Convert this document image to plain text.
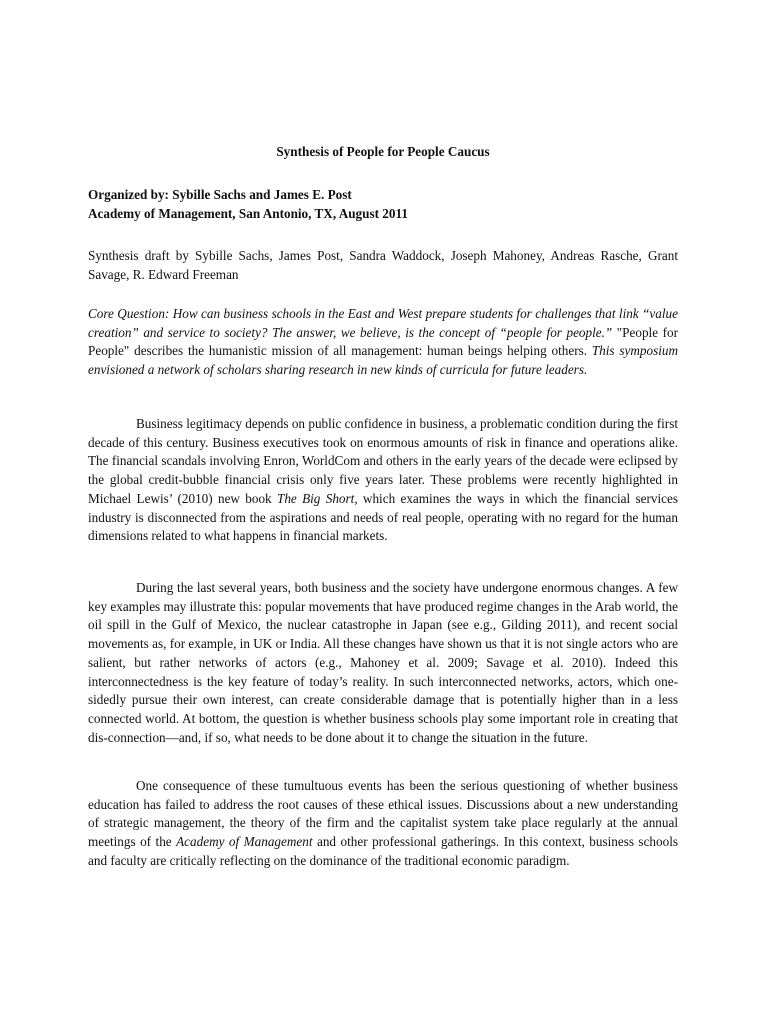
Synthesis of People for People Caucus
Organized by: Sybille Sachs and James E. Post
Academy of Management, San Antonio, TX, August 2011
Synthesis draft by Sybille Sachs, James Post, Sandra Waddock, Joseph Mahoney, Andreas Rasche, Grant Savage, R. Edward Freeman
Core Question: How can business schools in the East and West prepare students for challenges that link “value creation” and service to society? The answer, we believe, is the concept of “people for people.” "People for People" describes the humanistic mission of all management: human beings helping others. This symposium envisioned a network of scholars sharing research in new kinds of curricula for future leaders.
Business legitimacy depends on public confidence in business, a problematic condition during the first decade of this century. Business executives took on enormous amounts of risk in finance and operations alike. The financial scandals involving Enron, WorldCom and others in the early years of the decade were eclipsed by the global credit-bubble financial crisis only five years later. These problems were recently highlighted in Michael Lewis’ (2010) new book The Big Short, which examines the ways in which the financial services industry is disconnected from the aspirations and needs of real people, operating with no regard for the human dimensions related to what happens in financial markets.
During the last several years, both business and the society have undergone enormous changes. A few key examples may illustrate this: popular movements that have produced regime changes in the Arab world, the oil spill in the Gulf of Mexico, the nuclear catastrophe in Japan (see e.g., Gilding 2011), and recent social movements as, for example, in UK or India. All these changes have shown us that it is not single actors who are salient, but rather networks of actors (e.g., Mahoney et al. 2009; Savage et al. 2010). Indeed this interconnectedness is the key feature of today’s reality. In such interconnected networks, actors, which one-sidedly pursue their own interest, can create considerable damage that is potentially higher than in a less connected world. At bottom, the question is whether business schools play some important role in creating that dis-connection—and, if so, what needs to be done about it to change the situation in the future.
One consequence of these tumultuous events has been the serious questioning of whether business education has failed to address the root causes of these ethical issues. Discussions about a new understanding of strategic management, the theory of the firm and the capitalist system take place regularly at the annual meetings of the Academy of Management and other professional gatherings. In this context, business schools and faculty are critically reflecting on the dominance of the traditional economic paradigm.
